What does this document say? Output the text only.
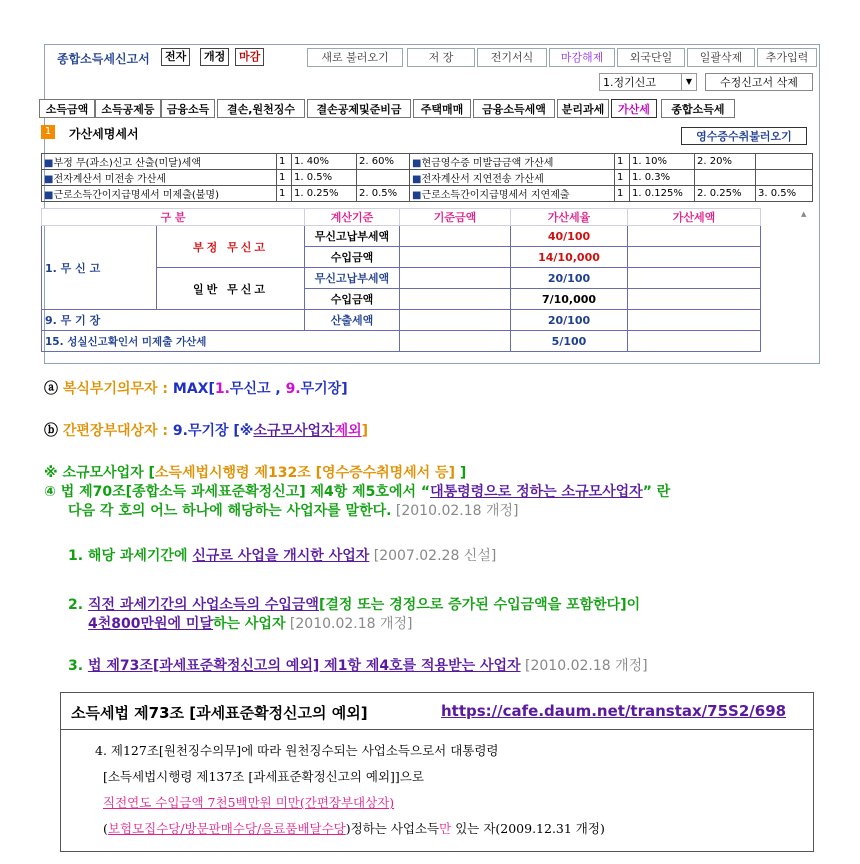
종합소득세신고서	전자	개정	마감	새로 불러오기	저 장	전기서식	마감해제	외국단일	일괄삭제	추가입력
1.정기신고	▼	수정신고서 삭제
소득금액	소득공제등	금융소득	결손,원천징수	결손공제및준비금	주택매매	금융소득세액	분리과세	가산세	종합소득세
1	가산세명세서	영수증수취불러오기
■부정 무(과소)신고 산출(미달)세액	1	1. 40%	2. 60%	■현금영수증 미발급금액 가산세	1	1. 10%	2. 20%	
■전자계산서 미전송 가산세	1	1. 0.5%		■전자계산서 지연전송 가산세	1	1. 0.3%		
■근로소득간이지급명세서 미제출(불명)	1	1. 0.25%	2. 0.5%	■근로소득간이지급명세서 지연제출	1	1. 0.125%	2. 0.25%	3. 0.5%
구 분		계산기준	기준금액	가산세율	가산세액
1. 무 신 고	부정 무신고	무신고납부세액		40/100	
		수입금액		14/10,000	
	일반 무신고	무신고납부세액		20/100	
		수입금액		7/10,000	
9. 무 기 장		산출세액		20/100	
15. 성실신고확인서 미제출 가산세				5/100	
▲
ⓐ 복식부기의무자 : MAX[1.무신고 , 9.무기장]
ⓑ 간편장부대상자 : 9.무기장 [※소규모사업자제외]
※ 소규모사업자 [소득세법시행령 제132조 [영수증수취명세서 등] ]
④ 법 제70조[종합소득 과세표준확정신고] 제4항 제5호에서 “대통령령으로 정하는 소규모사업자” 란
다음 각 호의 어느 하나에 해당하는 사업자를 말한다. [2010.02.18 개정]
1. 해당 과세기간에 신규로 사업을 개시한 사업자 [2007.02.28 신설]
2. 직전 과세기간의 사업소득의 수입금액[결정 또는 경정으로 증가된 수입금액을 포함한다]이
4천800만원에 미달하는 사업자 [2010.02.18 개정]
3. 법 제73조[과세표준확정신고의 예외] 제1항 제4호를 적용받는 사업자 [2010.02.18 개정]
소득세법 제73조 [과세표준확정신고의 예외]	https://cafe.daum.net/transtax/75S2/698
4. 제127조[원천징수의무]에 따라 원천징수되는 사업소득으로서 대통령령
[소득세법시행령 제137조 [과세표준확정신고의 예외]]으로
직전연도 수입금액 7천5백만원 미만(간편장부대상자)
(보험모집수당/방문판매수당/음료품배달수당)정하는 사업소득만 있는 자(2009.12.31 개정)
